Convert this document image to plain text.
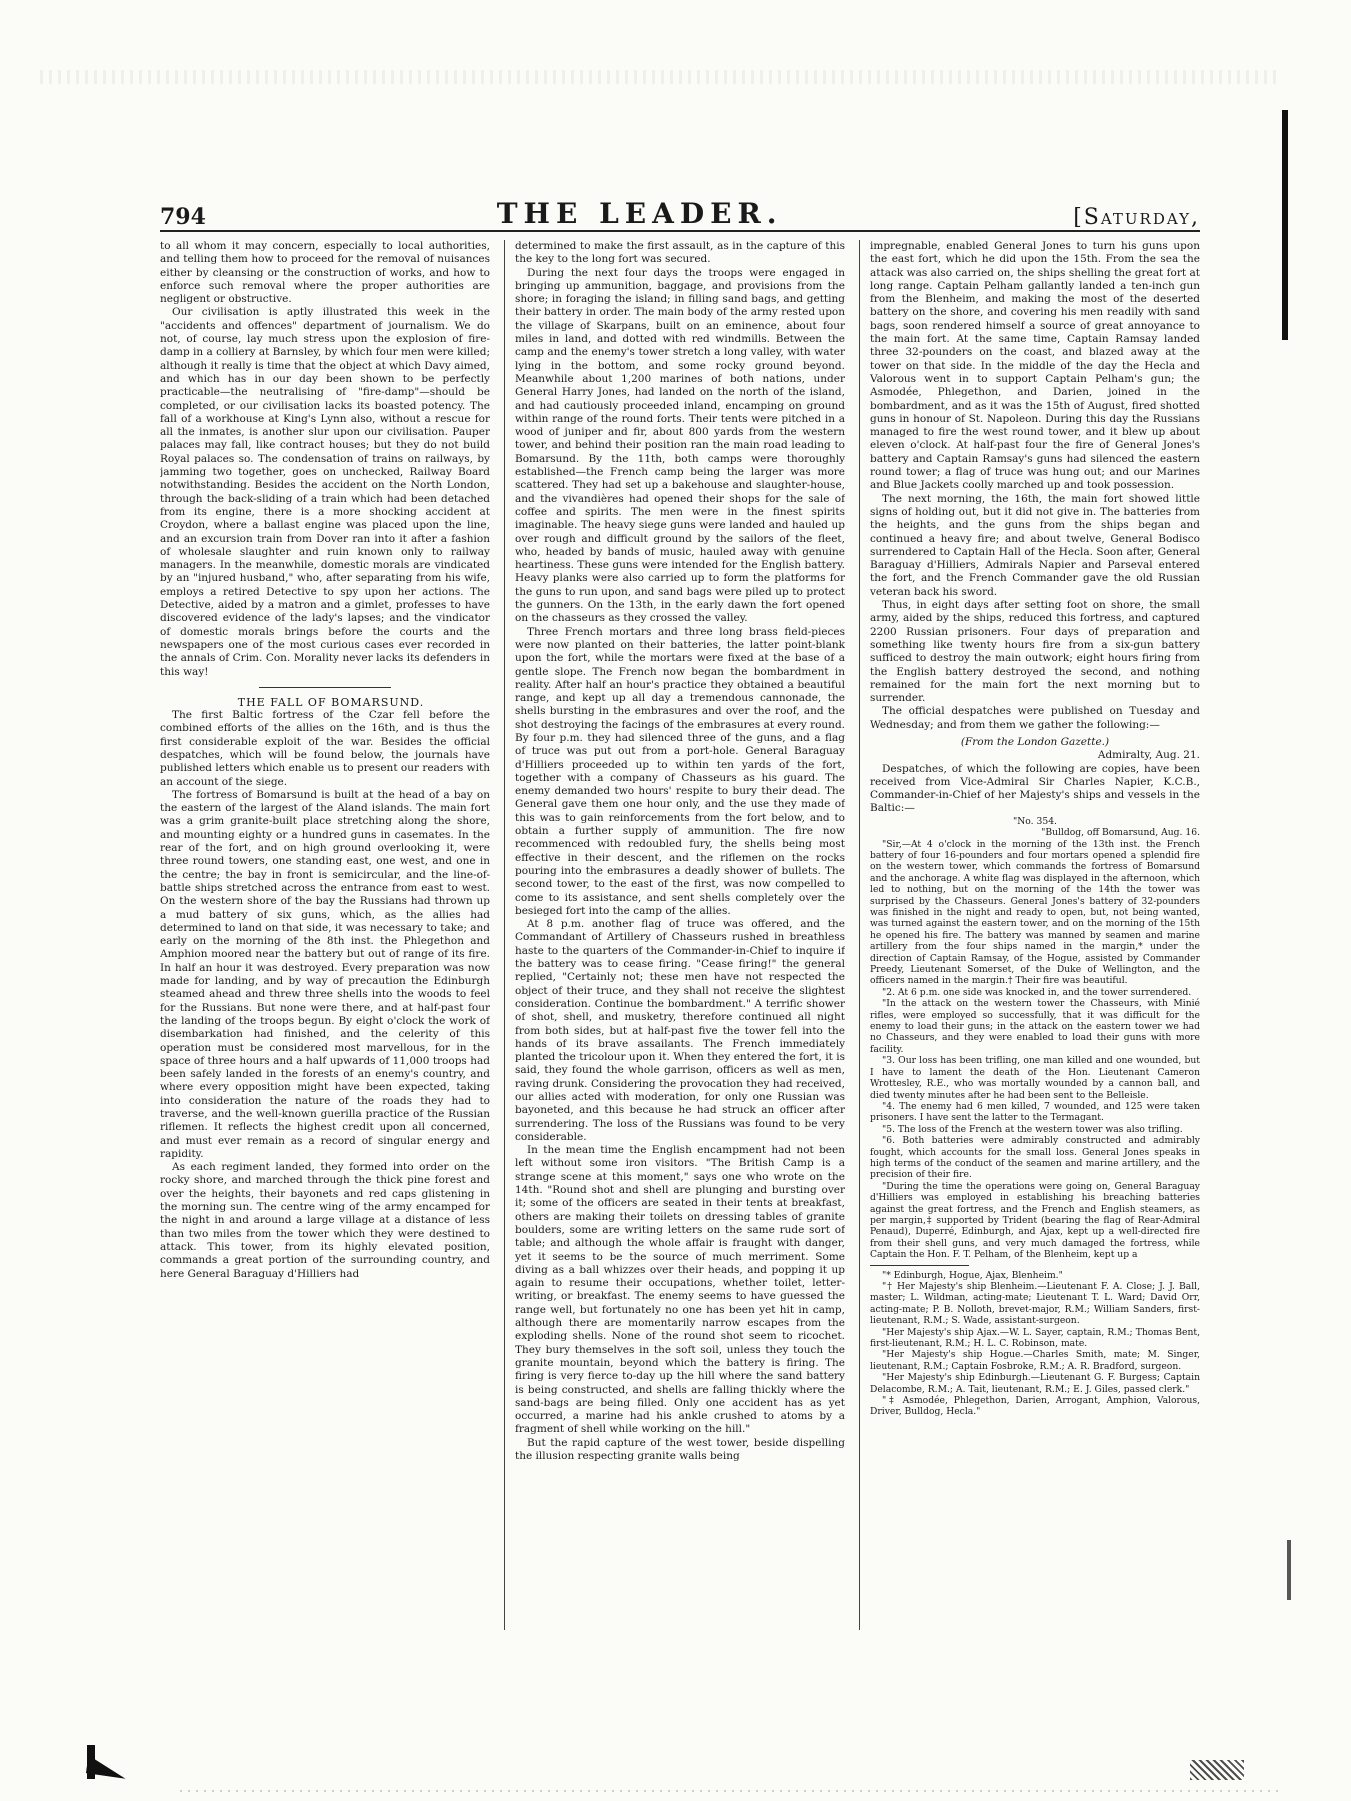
794	THE LEADER.	[Saturday,

to all whom it may concern, especially to local authorities, and telling them how to proceed for the removal of nuisances either by cleansing or the construction of works, and how to enforce such removal where the proper authorities are negligent or obstructive.

Our civilisation is aptly illustrated this week in the "accidents and offences" department of journalism. We do not, of course, lay much stress upon the explosion of fire-damp in a colliery at Barnsley, by which four men were killed; although it really is time that the object at which Davy aimed, and which has in our day been shown to be perfectly practicable—the neutralising of "fire-damp"—should be completed, or our civilisation lacks its boasted potency. The fall of a workhouse at King's Lynn also, without a rescue for all the inmates, is another slur upon our civilisation. Pauper palaces may fall, like contract houses; but they do not build Royal palaces so. The condensation of trains on railways, by jamming two together, goes on unchecked, Railway Board notwithstanding. Besides the accident on the North London, through the back-sliding of a train which had been detached from its engine, there is a more shocking accident at Croydon, where a ballast engine was placed upon the line, and an excursion train from Dover ran into it after a fashion of wholesale slaughter and ruin known only to railway managers. In the meanwhile, domestic morals are vindicated by an "injured husband," who, after separating from his wife, employs a retired Detective to spy upon her actions. The Detective, aided by a matron and a gimlet, professes to have discovered evidence of the lady's lapses; and the vindicator of domestic morals brings before the courts and the newspapers one of the most curious cases ever recorded in the annals of Crim. Con. Morality never lacks its defenders in this way!

THE FALL OF BOMARSUND.

The first Baltic fortress of the Czar fell before the combined efforts of the allies on the 16th, and is thus the first considerable exploit of the war. Besides the official despatches, which will be found below, the journals have published letters which enable us to present our readers with an account of the siege.

The fortress of Bomarsund is built at the head of a bay on the eastern of the largest of the Aland islands. The main fort was a grim granite-built place stretching along the shore, and mounting eighty or a hundred guns in casemates. In the rear of the fort, and on high ground overlooking it, were three round towers, one standing east, one west, and one in the centre; the bay in front is semicircular, and the line-of-battle ships stretched across the entrance from east to west. On the western shore of the bay the Russians had thrown up a mud battery of six guns, which, as the allies had determined to land on that side, it was necessary to take; and early on the morning of the 8th inst. the Phlegethon and Amphion moored near the battery but out of range of its fire. In half an hour it was destroyed. Every preparation was now made for landing, and by way of precaution the Edinburgh steamed ahead and threw three shells into the woods to feel for the Russians. But none were there, and at half-past four the landing of the troops begun. By eight o'clock the work of disembarkation had finished, and the celerity of this operation must be considered most marvellous, for in the space of three hours and a half upwards of 11,000 troops had been safely landed in the forests of an enemy's country, and where every opposition might have been expected, taking into consideration the nature of the roads they had to traverse, and the well-known guerilla practice of the Russian riflemen. It reflects the highest credit upon all concerned, and must ever remain as a record of singular energy and rapidity.

As each regiment landed, they formed into order on the rocky shore, and marched through the thick pine forest and over the heights, their bayonets and red caps glistening in the morning sun. The centre wing of the army encamped for the night in and around a large village at a distance of less than two miles from the tower which they were destined to attack. This tower, from its highly elevated position, commands a great portion of the surrounding country, and here General Baraguay d'Hilliers had

determined to make the first assault, as in the capture of this the key to the long fort was secured.

During the next four days the troops were engaged in bringing up ammunition, baggage, and provisions from the shore; in foraging the island; in filling sand bags, and getting their battery in order. The main body of the army rested upon the village of Skarpans, built on an eminence, about four miles in land, and dotted with red windmills. Between the camp and the enemy's tower stretch a long valley, with water lying in the bottom, and some rocky ground beyond. Meanwhile about 1,200 marines of both nations, under General Harry Jones, had landed on the north of the island, and had cautiously proceeded inland, encamping on ground within range of the round forts. Their tents were pitched in a wood of juniper and fir, about 800 yards from the western tower, and behind their position ran the main road leading to Bomarsund. By the 11th, both camps were thoroughly established—the French camp being the larger was more scattered. They had set up a bakehouse and slaughter-house, and the vivandières had opened their shops for the sale of coffee and spirits. The men were in the finest spirits imaginable. The heavy siege guns were landed and hauled up over rough and difficult ground by the sailors of the fleet, who, headed by bands of music, hauled away with genuine heartiness. These guns were intended for the English battery. Heavy planks were also carried up to form the platforms for the guns to run upon, and sand bags were piled up to protect the gunners. On the 13th, in the early dawn the fort opened on the chasseurs as they crossed the valley.

Three French mortars and three long brass field-pieces were now planted on their batteries, the latter point-blank upon the fort, while the mortars were fixed at the base of a gentle slope. The French now began the bombardment in reality. After half an hour's practice they obtained a beautiful range, and kept up all day a tremendous cannonade, the shells bursting in the embrasures and over the roof, and the shot destroying the facings of the embrasures at every round. By four p.m. they had silenced three of the guns, and a flag of truce was put out from a port-hole. General Baraguay d'Hilliers proceeded up to within ten yards of the fort, together with a company of Chasseurs as his guard. The enemy demanded two hours' respite to bury their dead. The General gave them one hour only, and the use they made of this was to gain reinforcements from the fort below, and to obtain a further supply of ammunition. The fire now recommenced with redoubled fury, the shells being most effective in their descent, and the riflemen on the rocks pouring into the embrasures a deadly shower of bullets. The second tower, to the east of the first, was now compelled to come to its assistance, and sent shells completely over the besieged fort into the camp of the allies.

At 8 p.m. another flag of truce was offered, and the Commandant of Artillery of Chasseurs rushed in breathless haste to the quarters of the Commander-in-Chief to inquire if the battery was to cease firing. "Cease firing!" the general replied, "Certainly not; these men have not respected the object of their truce, and they shall not receive the slightest consideration. Continue the bombardment." A terrific shower of shot, shell, and musketry, therefore continued all night from both sides, but at half-past five the tower fell into the hands of its brave assailants. The French immediately planted the tricolour upon it. When they entered the fort, it is said, they found the whole garrison, officers as well as men, raving drunk. Considering the provocation they had received, our allies acted with moderation, for only one Russian was bayoneted, and this because he had struck an officer after surrendering. The loss of the Russians was found to be very considerable.

In the mean time the English encampment had not been left without some iron visitors. "The British Camp is a strange scene at this moment," says one who wrote on the 14th. "Round shot and shell are plunging and bursting over it; some of the officers are seated in their tents at breakfast, others are making their toilets on dressing tables of granite boulders, some are writing letters on the same rude sort of table; and although the whole affair is fraught with danger, yet it seems to be the source of much merriment. Some diving as a ball whizzes over their heads, and popping it up again to resume their occupations, whether toilet, letter-writing, or breakfast. The enemy seems to have guessed the range well, but fortunately no one has been yet hit in camp, although there are momentarily narrow escapes from the exploding shells. None of the round shot seem to ricochet. They bury themselves in the soft soil, unless they touch the granite mountain, beyond which the battery is firing. The firing is very fierce to-day up the hill where the sand battery is being constructed, and shells are falling thickly where the sand-bags are being filled. Only one accident has as yet occurred, a marine had his ankle crushed to atoms by a fragment of shell while working on the hill."

But the rapid capture of the west tower, beside dispelling the illusion respecting granite walls being

impregnable, enabled General Jones to turn his guns upon the east fort, which he did upon the 15th. From the sea the attack was also carried on, the ships shelling the great fort at long range. Captain Pelham gallantly landed a ten-inch gun from the Blenheim, and making the most of the deserted battery on the shore, and covering his men readily with sand bags, soon rendered himself a source of great annoyance to the main fort. At the same time, Captain Ramsay landed three 32-pounders on the coast, and blazed away at the tower on that side. In the middle of the day the Hecla and Valorous went in to support Captain Pelham's gun; the Asmodée, Phlegethon, and Darien, joined in the bombardment, and as it was the 15th of August, fired shotted guns in honour of St. Napoleon. During this day the Russians managed to fire the west round tower, and it blew up about eleven o'clock. At half-past four the fire of General Jones's battery and Captain Ramsay's guns had silenced the eastern round tower; a flag of truce was hung out; and our Marines and Blue Jackets coolly marched up and took possession.

The next morning, the 16th, the main fort showed little signs of holding out, but it did not give in. The batteries from the heights, and the guns from the ships began and continued a heavy fire; and about twelve, General Bodisco surrendered to Captain Hall of the Hecla. Soon after, General Baraguay d'Hilliers, Admirals Napier and Parseval entered the fort, and the French Commander gave the old Russian veteran back his sword.

Thus, in eight days after setting foot on shore, the small army, aided by the ships, reduced this fortress, and captured 2200 Russian prisoners. Four days of preparation and something like twenty hours fire from a six-gun battery sufficed to destroy the main outwork; eight hours firing from the English battery destroyed the second, and nothing remained for the main fort the next morning but to surrender.

The official despatches were published on Tuesday and Wednesday; and from them we gather the following:—

(From the London Gazette.)

Admiralty, Aug. 21.

Despatches, of which the following are copies, have been received from Vice-Admiral Sir Charles Napier, K.C.B., Commander-in-Chief of her Majesty's ships and vessels in the Baltic:—

"No. 354.

"Bulldog, off Bomarsund, Aug. 16.

"Sir,—At 4 o'clock in the morning of the 13th inst. the French battery of four 16-pounders and four mortars opened a splendid fire on the western tower, which commands the fortress of Bomarsund and the anchorage. A white flag was displayed in the afternoon, which led to nothing, but on the morning of the 14th the tower was surprised by the Chasseurs. General Jones's battery of 32-pounders was finished in the night and ready to open, but, not being wanted, was turned against the eastern tower, and on the morning of the 15th he opened his fire. The battery was manned by seamen and marine artillery from the four ships named in the margin,* under the direction of Captain Ramsay, of the Hogue, assisted by Commander Preedy, Lieutenant Somerset, of the Duke of Wellington, and the officers named in the margin.† Their fire was beautiful.

"2. At 6 p.m. one side was knocked in, and the tower surrendered.

"In the attack on the western tower the Chasseurs, with Minié rifles, were employed so successfully, that it was difficult for the enemy to load their guns; in the attack on the eastern tower we had no Chasseurs, and they were enabled to load their guns with more facility.

"3. Our loss has been trifling, one man killed and one wounded, but I have to lament the death of the Hon. Lieutenant Cameron Wrottesley, R.E., who was mortally wounded by a cannon ball, and died twenty minutes after he had been sent to the Belleisle.

"4. The enemy had 6 men killed, 7 wounded, and 125 were taken prisoners. I have sent the latter to the Termagant.

"5. The loss of the French at the western tower was also trifling.

"6. Both batteries were admirably constructed and admirably fought, which accounts for the small loss. General Jones speaks in high terms of the conduct of the seamen and marine artillery, and the precision of their fire.

"During the time the operations were going on, General Baraguay d'Hilliers was employed in establishing his breaching batteries against the great fortress, and the French and English steamers, as per margin,‡ supported by Trident (bearing the flag of Rear-Admiral Penaud), Duperré, Edinburgh, and Ajax, kept up a well-directed fire from their shell guns, and very much damaged the fortress, while Captain the Hon. F. T. Pelham, of the Blenheim, kept up a

"* Edinburgh, Hogue, Ajax, Blenheim."

"† Her Majesty's ship Blenheim.—Lieutenant F. A. Close; J. J. Ball, master; L. Wildman, acting-mate; Lieutenant T. L. Ward; David Orr, acting-mate; P. B. Nolloth, brevet-major, R.M.; William Sanders, first-lieutenant, R.M.; S. Wade, assistant-surgeon.

"Her Majesty's ship Ajax.—W. L. Sayer, captain, R.M.; Thomas Bent, first-lieutenant, R.M.; H. L. C. Robinson, mate.

"Her Majesty's ship Hogue.—Charles Smith, mate; M. Singer, lieutenant, R.M.; Captain Fosbroke, R.M.; A. R. Bradford, surgeon.

"Her Majesty's ship Edinburgh.—Lieutenant G. F. Burgess; Captain Delacombe, R.M.; A. Tait, lieutenant, R.M.; E. J. Giles, passed clerk."

"‡ Asmodée, Phlegethon, Darien, Arrogant, Amphion, Valorous, Driver, Bulldog, Hecla."
